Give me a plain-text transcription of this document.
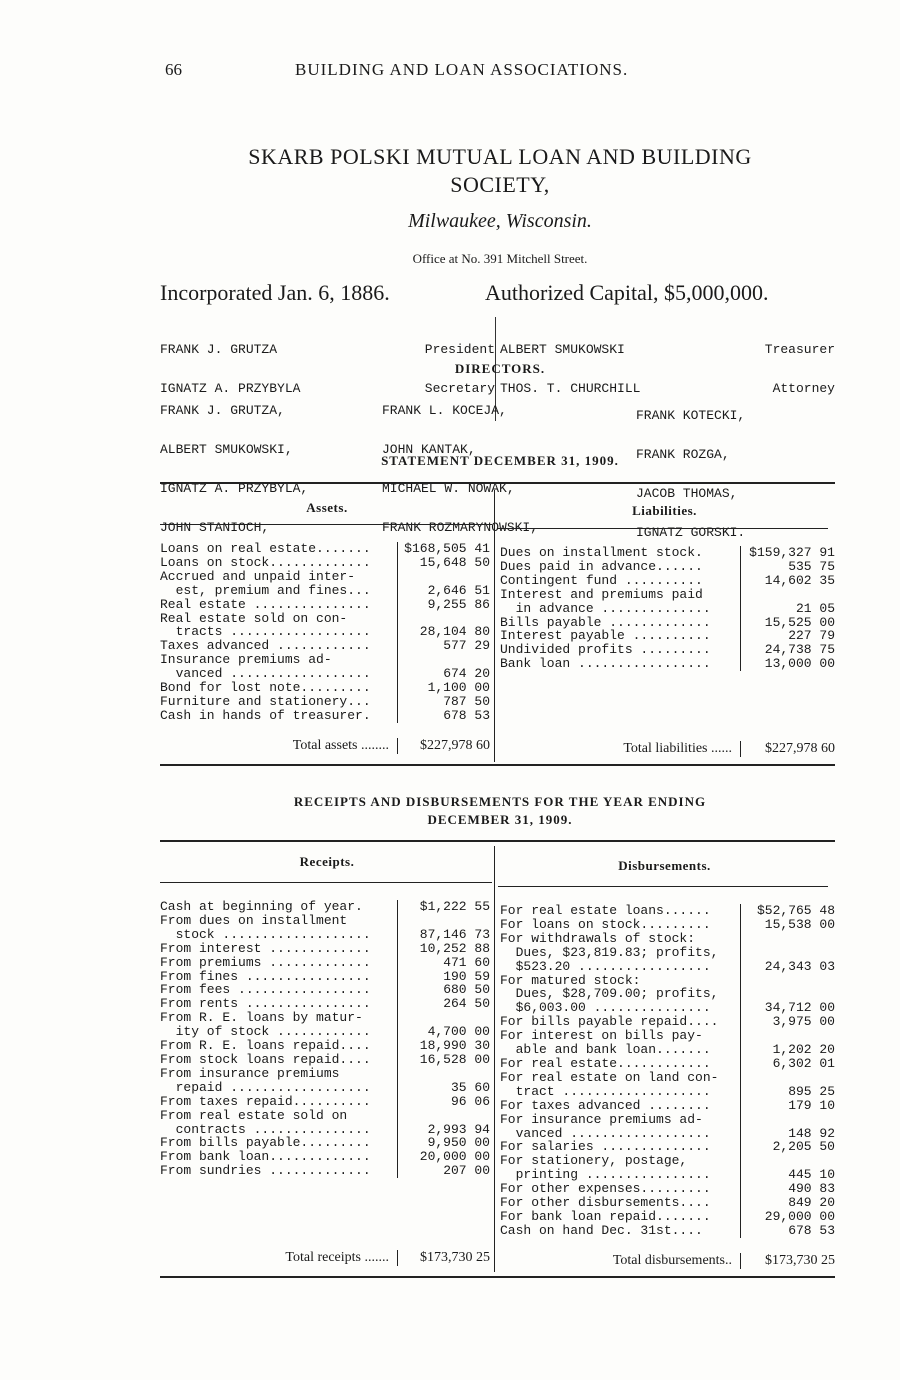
66	BUILDING AND LOAN ASSOCIATIONS.
SKARB POLSKI MUTUAL LOAN AND BUILDING
SOCIETY,
Milwaukee, Wisconsin.
Office at No. 391 Mitchell Street.
Incorporated Jan. 6, 1886.	Authorized Capital, $5,000,000.

FRANK J. GRUTZA	President

IGNATZ A. PRZYBYLA	Secretary

ALBERT SMUKOWSKI	Treasurer

THOS. T. CHURCHILL	Attorney

DIRECTORS.

FRANK J. GRUTZA,

ALBERT SMUKOWSKI,

IGNATZ A. PRZYBYLA,

JOHN STANIOCH,

FRANK L. KOCEJA,

JOHN KANTAK,

MICHAEL W. NOWAK,

FRANK ROZMARYNOWSKI,

FRANK KOTECKI,

FRANK ROZGA,

JACOB THOMAS,

IGNATZ GORSKI.

STATEMENT DECEMBER 31, 1909.
Assets.	Liabilities.
Loans on real estate.......	$168,505 41
Loans on stock.............	15,648 50
Accrued and unpaid inter-
est, premium and fines...	2,646 51
Real estate ...............	9,255 86
Real estate sold on con-
tracts ..................	28,104 80
Taxes advanced ............	577 29
Insurance premiums ad-
vanced ..................	674 20
Bond for lost note.........	1,100 00
Furniture and stationery...	787 50
Cash in hands of treasurer.	678 53
Dues on installment stock.	$159,327 91
Dues paid in advance......	535 75
Contingent fund ..........	14,602 35
Interest and premiums paid
in advance ..............	21 05
Bills payable .............	15,525 00
Interest payable ..........	227 79
Undivided profits .........	24,738 75
Bank loan .................	13,000 00
Total assets ........	$227,978 60	Total liabilities ......	$227,978 60
RECEIPTS AND DISBURSEMENTS FOR THE YEAR ENDING
DECEMBER 31, 1909.
Receipts.	Disbursements.
Cash at beginning of year.	$1,222 55
From dues on installment
stock ...................	87,146 73
From interest .............	10,252 88
From premiums .............	471 60
From fines ................	190 59
From fees .................	680 50
From rents ................	264 50
From R. E. loans by matur-
ity of stock ............	4,700 00
From R. E. loans repaid....	18,990 30
From stock loans repaid....	16,528 00
From insurance premiums
repaid ..................	35 60
From taxes repaid..........	96 06
From real estate sold on
contracts ...............	2,993 94
From bills payable.........	9,950 00
From bank loan.............	20,000 00
From sundries .............	207 00
For real estate loans......	$52,765 48
For loans on stock.........	15,538 00
For withdrawals of stock:
Dues, $23,819.83; profits,
$523.20 .................	24,343 03
For matured stock:
Dues, $28,709.00; profits,
$6,003.00 ...............	34,712 00
For bills payable repaid....	3,975 00
For interest on bills pay-
able and bank loan.......	1,202 20
For real estate............	6,302 01
For real estate on land con-
tract ...................	895 25
For taxes advanced ........	179 10
For insurance premiums ad-
vanced ..................	148 92
For salaries ..............	2,205 50
For stationery, postage,
printing ................	445 10
For other expenses.........	490 83
For other disbursements....	849 20
For bank loan repaid.......	29,000 00
Cash on hand Dec. 31st....	678 53
Total receipts .......	$173,730 25	Total disbursements..	$173,730 25
